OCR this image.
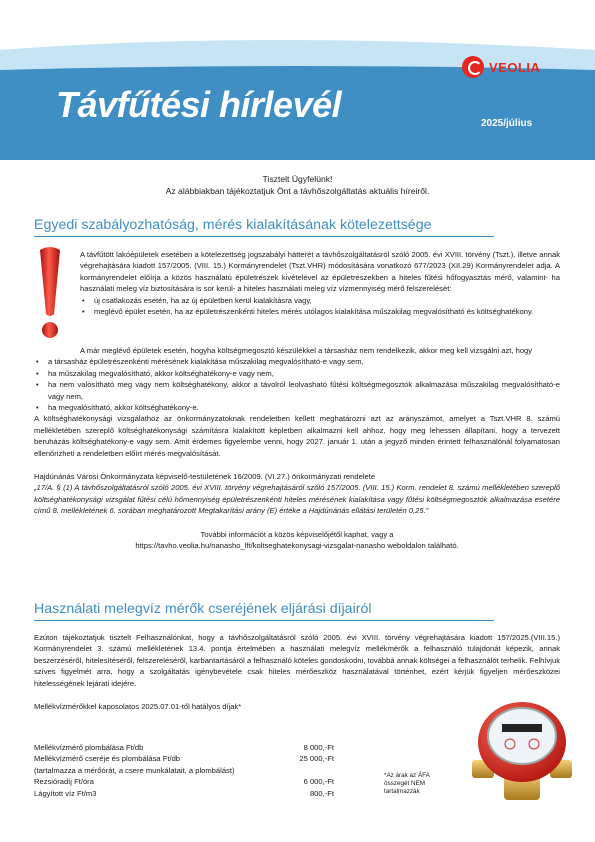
VEOLIA
Távfűtési hírlevél	2025/július
Tisztelt Ügyfelünk!
Az alábbiakban tájékoztatjuk Önt a távhőszolgáltatás aktuális híreiről.
Egyedi szabályozhatóság, mérés kialakításának kötelezettsége

A távfűtött lakóépületek esetében a kötelezettség jogszabályi hátterét a távhőszolgáltatásról szóló 2005. évi XVIII. törvény (Tszt.), illetve annak végrehajtására kiadott 157/2005. (VIII. 15.) Kormányrendelet (Tszt.VHR) módosítására vonatkozó 677/2023 (XII.29) Kormányrendelet adja. A kormányrendelet előírja a közös használatú épületrészek kivételével az épületrészekben a hiteles fűtési hőfogyasztás mérő, valamint- ha használati meleg víz biztosítására is sor kerül- a hiteles használati meleg víz vízmennyiség mérő felszerelését:

• új csatlakozás esetén, ha az új épületben kerül kialakításra vagy,
• meglévő épület esetén, ha az épületrészenkénti hiteles mérés utólagos kialakítása műszakilag megvalósítható és költséghatékony.

A már meglévő épületek esetén, hogyha költségmegosztó készülékkel a társasház nem rendelkezik, akkor meg kell vizsgálni azt, hogy

• a társasház épületrészenkénti mérésének kialakítása műszakilag megvalósítható-e vagy sem,
• ha műszakilag megvalósítható, akkor költséghatékony-e vagy nem,
• ha nem valósítható meg vagy nem költséghatékony, akkor a távolról leolvasható fűtési költségmegosztók alkalmazása műszakilag megvalósítható-e vagy nem,
• ha megvalósítható, akkor költséghatékony-e.

A költséghatékonysági vizsgálathoz az önkormányzatoknak rendeletben kellett meghatározni azt az arányszámot, amelyet a Tszt.VHR 8. számú mellékletében szereplő költséghatékonysági számításra kialakított képletben alkalmazni kell ahhoz, hogy meg lehessen állapítani, hogy a tervezett beruházás költséghatékony-e vagy sem. Amit érdemes figyelembe venni, hogy 2027. január 1. után a jegyző minden érintett felhasználónál folyamatosan ellenőrizheti a rendeletben előírt mérés megvalósítását.

Hajdúnánás Városi Önkormányzata képviselő-testületének 16/2009. (VI.27.) önkormányzati rendelete

„17/A. § (1) A távhőszolgáltatásról szóló 2005. évi XVIII. törvény végrehajtásáról szóló 157/2005. (VIII. 15.) Korm. rendelet 8. számú mellékletében szereplő költséghatékonysági vizsgálat fűtési célú hőmennyiség épületrészenkénti hiteles mérésének kialakítása vagy fűtési költségmegosztók alkalmazása esetére című 8. mellékletének 6. sorában meghatározott Megtakarítási arány (E) értéke a Hajdúnánás ellátási területén 0,25.”

További információt a közös képviselőjétől kaphat, vagy a

https://tavho.veolia.hu/nanasho_lft/koltseghatekonysagi-vizsgalat-nanasho weboldalon található.

Használati melegvíz mérők cseréjének eljárási díjairól

Ezúton tájékoztatjuk tisztelt Felhasználónkat, hogy a távhőszolgáltatásról szóló 2005. évi XVIII. törvény végrehajtására kiadott 157/2025.(VIII.15.) Kormányrendelet 3. számú mellékletének 13.4. pontja értelmében a használati melegvíz mellékmérők a felhasználó tulajdonát képezik, annak beszerzéséről, hitelesítéséről, felszereléséről, karbantartásáról a felhasználó köteles gondoskodni, továbbá annak költségei a felhasználót terhelik. Felhívjuk szíves figyelmét arra, hogy a szolgáltatás igénybevétele csak hiteles mérőeszköz használatával történhet, ezért kérjük figyeljen mérőeszközei hitelességének lejárati idejére.

Mellékvízmérőkkel kaposolatos 2025.07.01-től hatályos díjak*

Mellékvízmérő plombálása Ft/db	8 000,-Ft
Mellékvízmérő cseréje és plombálása Ft/db	25 000,-Ft
(tartalmazza a mérőórát, a csere munkálatait, a plombálást)
Rezsióradíj Ft/óra	6 000,-Ft
Lágyított víz Ft/m3	800,-Ft
*Az árak az ÁFA összegét NEM tartalmazzák
